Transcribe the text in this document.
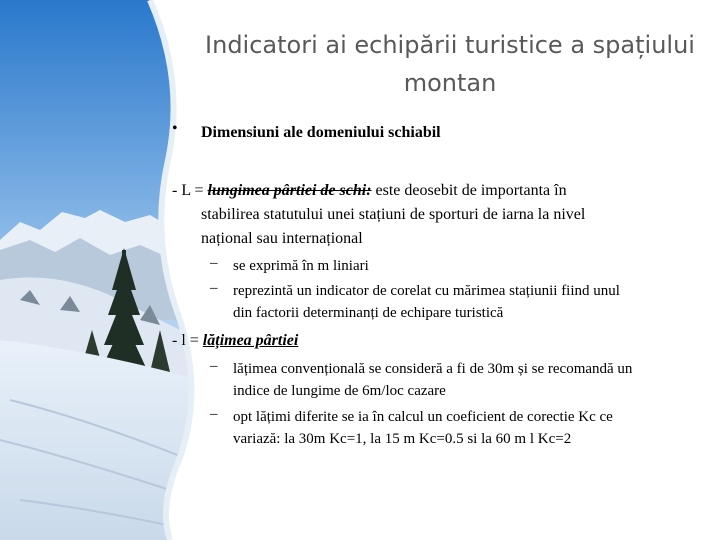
Indicatori ai echipării turistice a spațiului
montan
• Dimensiuni ale domeniului schiabil
- L = lungimea pârtiei de schi: este deosebit de importanta în
stabilirea statutului unei stațiuni de sporturi de iarna la nivel
național sau internațional
– se exprimă în m liniari
– reprezintă un indicator de corelat cu mărimea stațiunii fiind unul
din factorii determinanți de echipare turistică
- l = lățimea pârtiei
– lățimea convențională se consideră a fi de 30m și se recomandă un
indice de lungime de 6m/loc cazare
– opt lățimi diferite se ia în calcul un coeficient de corectie Kc ce
variază: la 30m Kc=1, la 15 m Kc=0.5 si la 60 m l Kc=2
